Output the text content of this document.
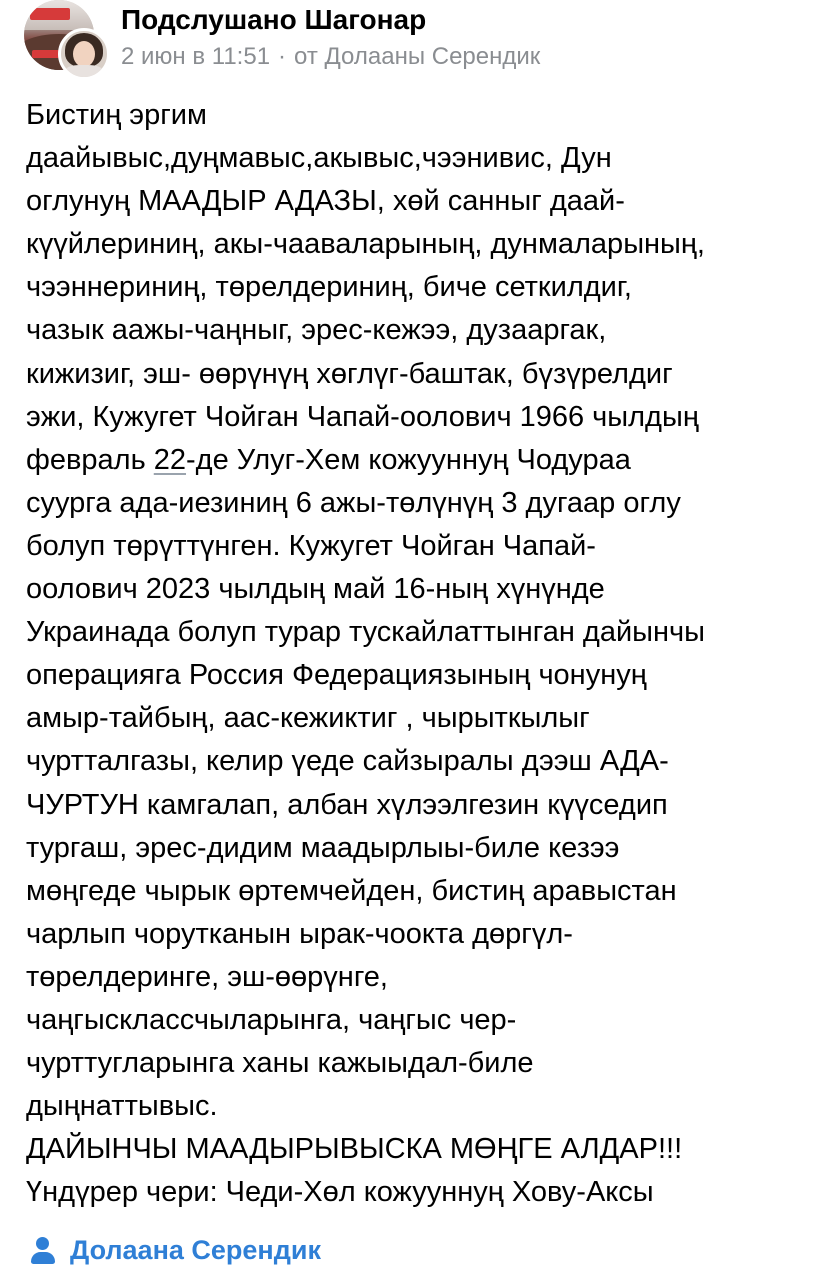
Подслушано Шагонар
2 июн в 11:51 · от Долааны Серендик
Бистиң эргим
даайывыс,дуңмавыс,акывыс,чээнивис, Дун
оглунуң МААДЫР АДАЗЫ, хөй санныг даай-
күүйлериниң, акы-чааваларының, дунмаларының,
чээннериниң, төрелдериниң, биче сеткилдиг,
чазык аажы-чаңныг, эрес-кежээ, дузааргак,
кижизиг, эш- өөрүнүң хөглүг-баштак, бүзүрелдиг
эжи, Кужугет Чойган Чапай-оолович 1966 чылдың
февраль 22-де Улуг-Хем кожууннуң Чодураа
суурга ада-иезиниң 6 ажы-төлүнүң 3 дугаар оглу
болуп төрүттүнген. Кужугет Чойган Чапай-
оолович 2023 чылдың май 16-ның хүнүнде
Украинада болуп турар тускайлаттынган дайынчы
операцияга Россия Федерациязының чонунуң
амыр-тайбың, аас-кежиктиг , чырыткылыг
чуртталгазы, келир үеде сайзыралы дээш АДА-
ЧУРТУН камгалап, албан хүлээлгезин күүседип
тургаш, эрес-дидим маадырлыы-биле кезээ
мөңгеде чырык өртемчейден, бистиң аравыстан
чарлып чорутканын ырак-чоокта дөргүл-
төрелдеринге, эш-өөрүнге,
чаңгысклассчыларынга, чаңгыс чер-
чурттугларынга ханы кажыыдал-биле
дыңнаттывыс.
ДАЙЫНЧЫ МААДЫРЫВЫСКА МӨҢГЕ АЛДАР!!!
Үндүрер чери: Чеди-Хөл кожууннуң Хову-Аксы
Долаана Серендик
